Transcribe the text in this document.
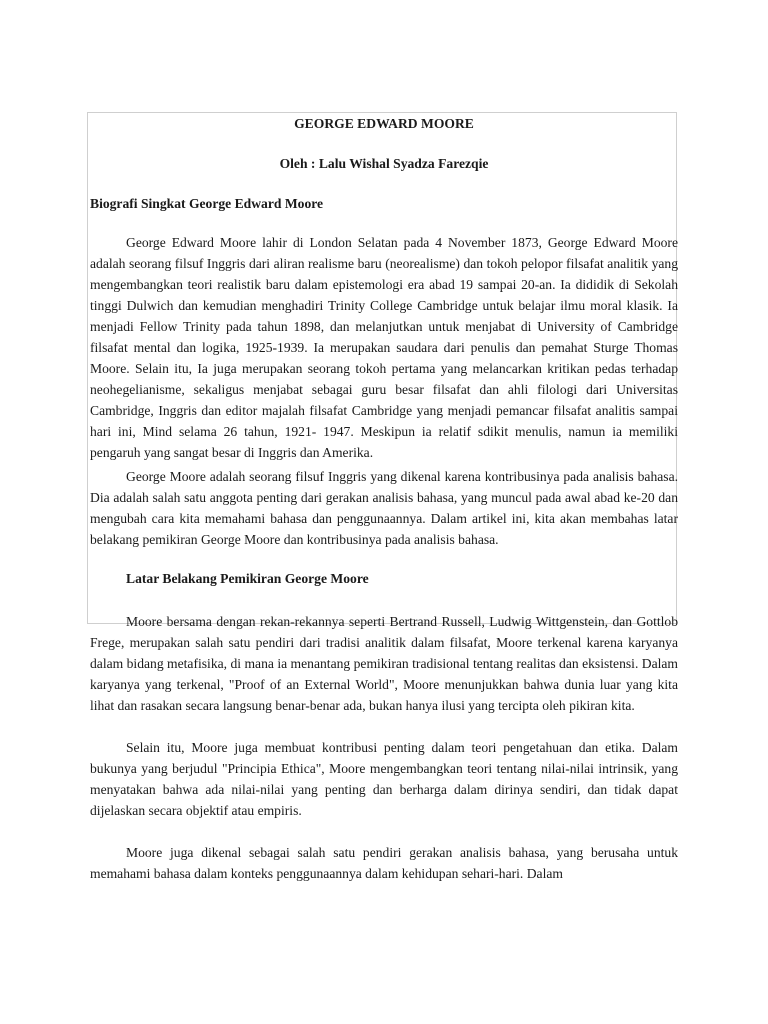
GEORGE EDWARD MOORE

Oleh : Lalu Wishal Syadza Farezqie

Biografi Singkat George Edward Moore

George Edward Moore lahir di London Selatan pada 4 November 1873, George Edward Moore adalah seorang filsuf Inggris dari aliran realisme baru (neorealisme) dan tokoh pelopor filsafat analitik yang mengembangkan teori realistik baru dalam epistemologi era abad 19 sampai 20-an. Ia dididik di Sekolah tinggi Dulwich dan kemudian menghadiri Trinity College Cambridge untuk belajar ilmu moral klasik. Ia menjadi Fellow Trinity pada tahun 1898, dan melanjutkan untuk menjabat di University of Cambridge filsafat mental dan logika, 1925-1939. Ia merupakan saudara dari penulis dan pemahat Sturge Thomas Moore. Selain itu, Ia juga merupakan seorang tokoh pertama yang melancarkan kritikan pedas terhadap neohegelianisme, sekaligus menjabat sebagai guru besar filsafat dan ahli filologi dari Universitas Cambridge, Inggris dan editor majalah filsafat Cambridge yang menjadi pemancar filsafat analitis sampai hari ini, Mind selama 26 tahun, 1921- 1947. Meskipun ia relatif sdikit menulis, namun ia memiliki pengaruh yang sangat besar di Inggris dan Amerika.

George Moore adalah seorang filsuf Inggris yang dikenal karena kontribusinya pada analisis bahasa. Dia adalah salah satu anggota penting dari gerakan analisis bahasa, yang muncul pada awal abad ke-20 dan mengubah cara kita memahami bahasa dan penggunaannya. Dalam artikel ini, kita akan membahas latar belakang pemikiran George Moore dan kontribusinya pada analisis bahasa.

Latar Belakang Pemikiran George Moore

Moore bersama dengan rekan-rekannya seperti Bertrand Russell, Ludwig Wittgenstein, dan Gottlob Frege, merupakan salah satu pendiri dari tradisi analitik dalam filsafat, Moore terkenal karena karyanya dalam bidang metafisika, di mana ia menantang pemikiran tradisional tentang realitas dan eksistensi. Dalam karyanya yang terkenal, "Proof of an External World", Moore menunjukkan bahwa dunia luar yang kita lihat dan rasakan secara langsung benar-benar ada, bukan hanya ilusi yang tercipta oleh pikiran kita.

Selain itu, Moore juga membuat kontribusi penting dalam teori pengetahuan dan etika. Dalam bukunya yang berjudul "Principia Ethica", Moore mengembangkan teori tentang nilai-nilai intrinsik, yang menyatakan bahwa ada nilai-nilai yang penting dan berharga dalam dirinya sendiri, dan tidak dapat dijelaskan secara objektif atau empiris.

Moore juga dikenal sebagai salah satu pendiri gerakan analisis bahasa, yang berusaha untuk memahami bahasa dalam konteks penggunaannya dalam kehidupan sehari-hari. Dalam
